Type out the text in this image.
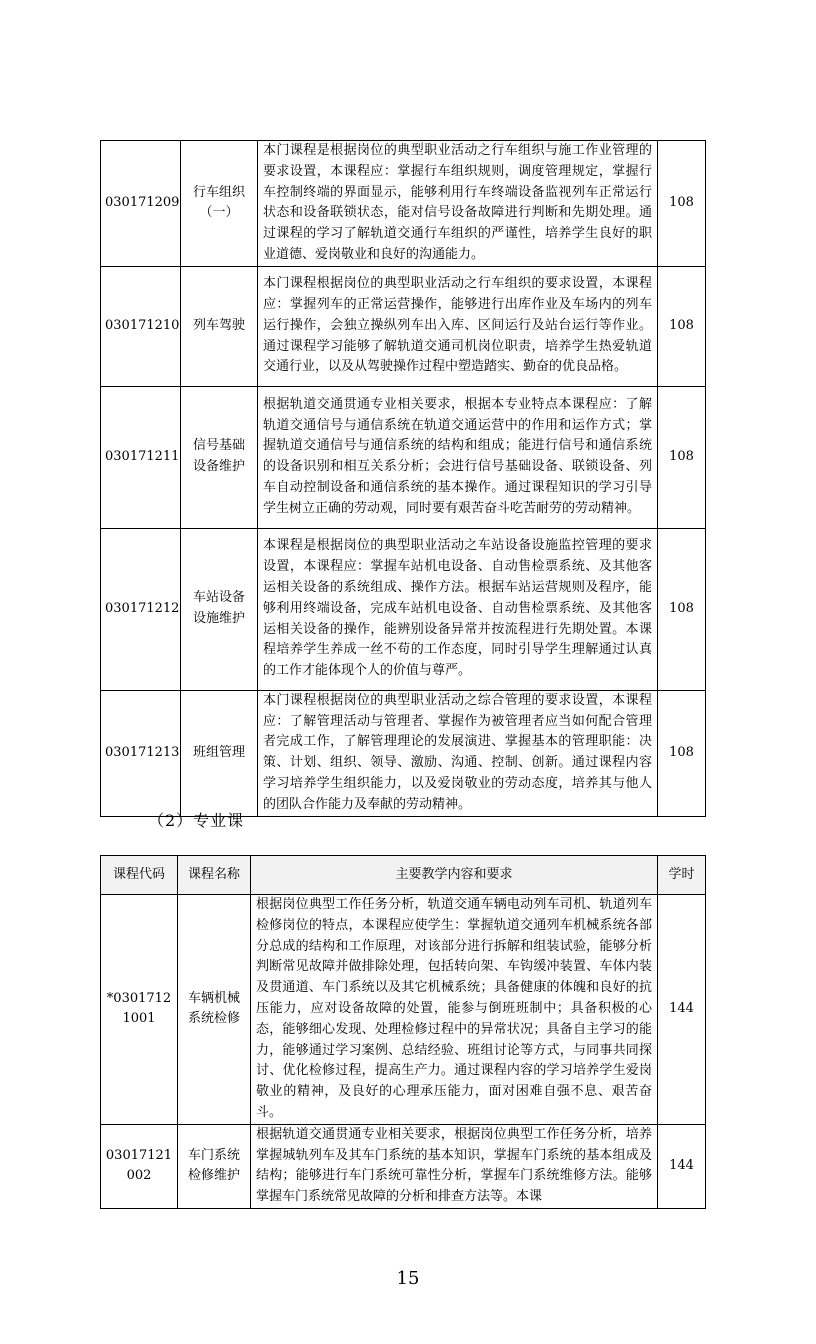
030171209	行车组织（一）	本门课程是根据岗位的典型职业活动之行车组织与施工作业管理的要求设置，本课程应：掌握行车组织规则，调度管理规定，掌握行车控制终端的界面显示，能够利用行车终端设备监视列车正常运行状态和设备联锁状态，能对信号设备故障进行判断和先期处理。通过课程的学习了解轨道交通行车组织的严谨性，培养学生良好的职业道德、爱岗敬业和良好的沟通能力。	108
030171210	列车驾驶	本门课程根据岗位的典型职业活动之行车组织的要求设置，本课程应：掌握列车的正常运营操作，能够进行出库作业及车场内的列车运行操作，会独立操纵列车出入库、区间运行及站台运行等作业。通过课程学习能够了解轨道交通司机岗位职责，培养学生热爱轨道交通行业，以及从驾驶操作过程中塑造踏实、勤奋的优良品格。	108
030171211	信号基础设备维护	根据轨道交通贯通专业相关要求，根据本专业特点本课程应：了解轨道交通信号与通信系统在轨道交通运营中的作用和运作方式；掌握轨道交通信号与通信系统的结构和组成；能进行信号和通信系统的设备识别和相互关系分析；会进行信号基础设备、联锁设备、列车自动控制设备和通信系统的基本操作。通过课程知识的学习引导学生树立正确的劳动观，同时要有艰苦奋斗吃苦耐劳的劳动精神。	108
030171212	车站设备设施维护	本课程是根据岗位的典型职业活动之车站设备设施监控管理的要求设置，本课程应：掌握车站机电设备、自动售检票系统、及其他客运相关设备的系统组成、操作方法。根据车站运营规则及程序，能够利用终端设备，完成车站机电设备、自动售检票系统、及其他客运相关设备的操作，能辨别设备异常并按流程进行先期处置。本课程培养学生养成一丝不苟的工作态度，同时引导学生理解通过认真的工作才能体现个人的价值与尊严。	108
030171213	班组管理	本门课程根据岗位的典型职业活动之综合管理的要求设置，本课程应：了解管理活动与管理者、掌握作为被管理者应当如何配合管理者完成工作，了解管理理论的发展演进、掌握基本的管理职能：决策、计划、组织、领导、激励、沟通、控制、创新。通过课程内容学习培养学生组织能力，以及爱岗敬业的劳动态度，培养其与他人的团队合作能力及奉献的劳动精神。	108
（2）专业课
课程代码	课程名称	主要教学内容和要求	学时
*03017121001	车辆机械系统检修	根据岗位典型工作任务分析，轨道交通车辆电动列车司机、轨道列车检修岗位的特点，本课程应使学生：掌握轨道交通列车机械系统各部分总成的结构和工作原理，对该部分进行拆解和组装试验，能够分析判断常见故障并做排除处理，包括转向架、车钩缓冲装置、车体内装及贯通道、车门系统以及其它机械系统；具备健康的体魄和良好的抗压能力，应对设备故障的处置，能参与倒班班制中；具备积极的心态，能够细心发现、处理检修过程中的异常状况；具备自主学习的能力，能够通过学习案例、总结经验、班组讨论等方式，与同事共同探讨、优化检修过程，提高生产力。通过课程内容的学习培养学生爱岗敬业的精神，及良好的心理承压能力，面对困难自强不息、艰苦奋斗。	144
03017121002	车门系统检修维护	根据轨道交通贯通专业相关要求，根据岗位典型工作任务分析，培养掌握城轨列车及其车门系统的基本知识，掌握车门系统的基本组成及结构；能够进行车门系统可靠性分析，掌握车门系统维修方法。能够掌握车门系统常见故障的分析和排查方法等。本课	144
15
